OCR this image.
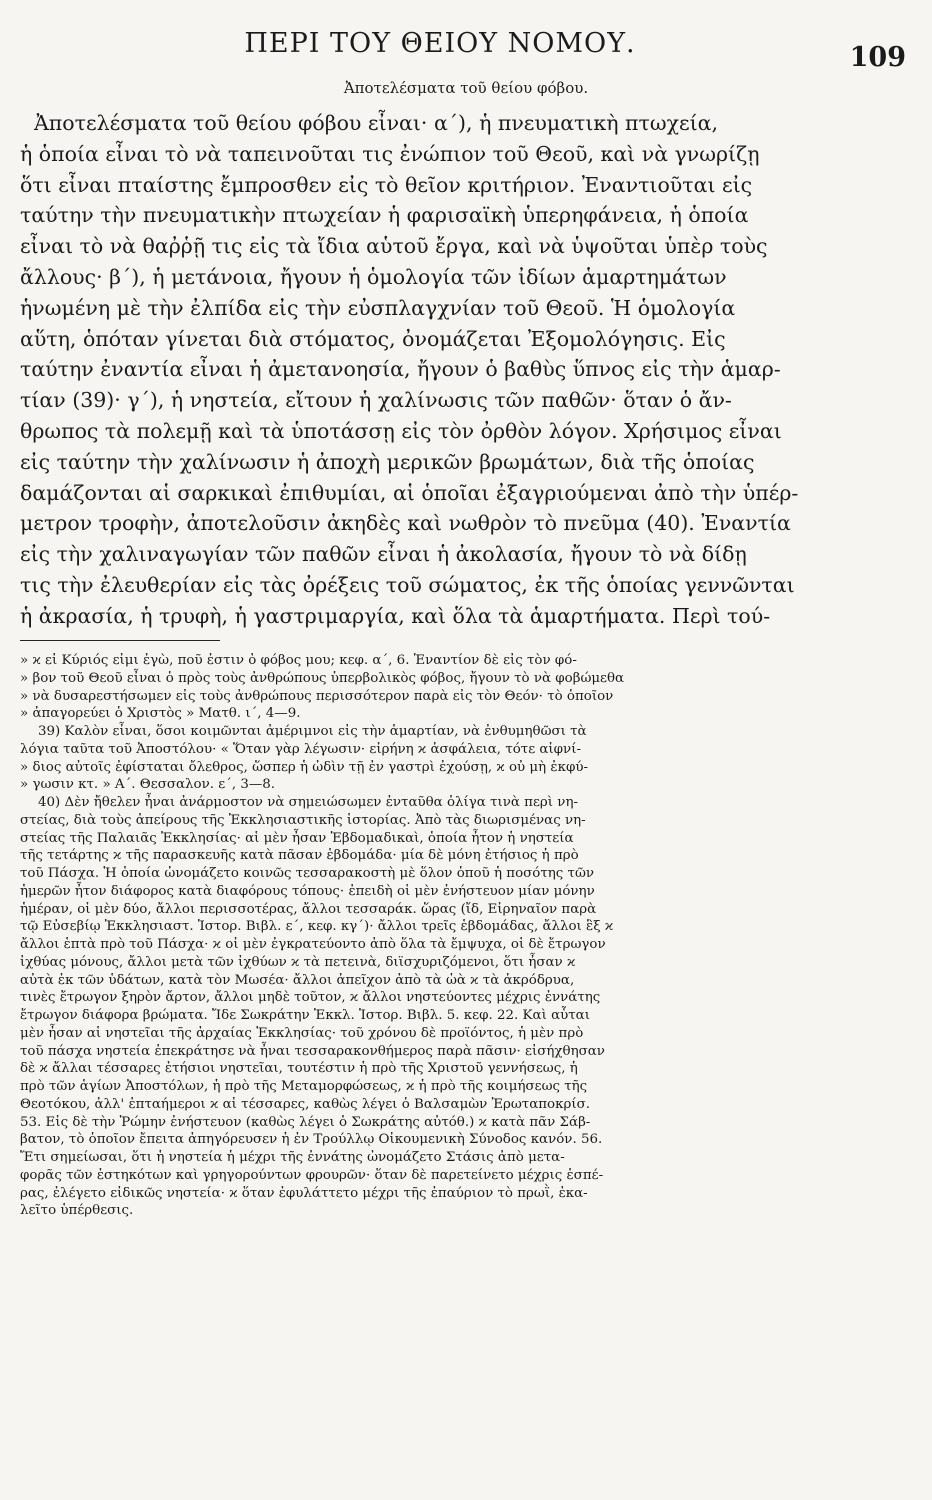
ΠΕΡΙ ΤΟΥ ΘΕΙΟΥ ΝΟΜΟΥ.	109
Ἀποτελέσματα τοῦ θείου φόβου.
Ἀποτελέσματα τοῦ θείου φόβου εἶναι· α΄), ἡ πνευματικὴ πτωχεία,
ἡ ὁποία εἶναι τὸ νὰ ταπεινοῦται τις ἐνώπιον τοῦ Θεοῦ, καὶ νὰ γνωρίζῃ
ὅτι εἶναι πταίστης ἔμπροσθεν εἰς τὸ θεῖον κριτήριον. Ἐναντιοῦται εἰς
ταύτην τὴν πνευματικὴν πτωχείαν ἡ φαρισαϊκὴ ὑπερηφάνεια, ἡ ὁποία
εἶναι τὸ νὰ θαῤῥῇ τις εἰς τὰ ἴδια αὑτοῦ ἔργα, καὶ νὰ ὑψοῦται ὑπὲρ τοὺς
ἄλλους· β΄), ἡ μετάνοια, ἤγουν ἡ ὁμολογία τῶν ἰδίων ἁμαρτημάτων
ἡνωμένη μὲ τὴν ἐλπίδα εἰς τὴν εὐσπλαγχνίαν τοῦ Θεοῦ. Ἡ ὁμολογία
αὕτη, ὁπόταν γίνεται διὰ στόματος, ὀνομάζεται Ἐξομολόγησις. Εἰς
ταύτην ἐναντία εἶναι ἡ ἀμετανοησία, ἤγουν ὁ βαθὺς ὕπνος εἰς τὴν ἁμαρ-
τίαν (39)· γ΄), ἡ νηστεία, εἴτουν ἡ χαλίνωσις τῶν παθῶν· ὅταν ὁ ἄν-
θρωπος τὰ πολεμῇ καὶ τὰ ὑποτάσσῃ εἰς τὸν ὀρθὸν λόγον. Χρήσιμος εἶναι
εἰς ταύτην τὴν χαλίνωσιν ἡ ἀποχὴ μερικῶν βρωμάτων, διὰ τῆς ὁποίας
δαμάζονται αἱ σαρκικαὶ ἐπιθυμίαι, αἱ ὁποῖαι ἐξαγριούμεναι ἀπὸ τὴν ὑπέρ-
μετρον τροφὴν, ἀποτελοῦσιν ἀκηδὲς καὶ νωθρὸν τὸ πνεῦμα (40). Ἐναντία
εἰς τὴν χαλιναγωγίαν τῶν παθῶν εἶναι ἡ ἀκολασία, ἤγουν τὸ νὰ δίδῃ
τις τὴν ἐλευθερίαν εἰς τὰς ὀρέξεις τοῦ σώματος, ἐκ τῆς ὁποίας γεννῶνται
ἡ ἀκρασία, ἡ τρυφὴ, ἡ γαστριμαργία, καὶ ὅλα τὰ ἁμαρτήματα. Περὶ τού-
» ϰ εἰ Κύριός εἰμι ἐγὼ, ποῦ ἐστιν ὁ φόβος μου; κεφ. α΄, 6. Ἐναντίον δὲ εἰς τὸν φό-
» βον τοῦ Θεοῦ εἶναι ὁ πρὸς τοὺς ἀνθρώπους ὑπερβολικὸς φόβος, ἤγουν τὸ νὰ φοβώμεθα
» νὰ δυσαρεστήσωμεν εἰς τοὺς ἀνθρώπους περισσότερον παρὰ εἰς τὸν Θεόν· τὸ ὁποῖον
» ἀπαγορεύει ὁ Χριστὸς » Ματθ. ι΄, 4—9.
39) Καλὸν εἶναι, ὅσοι κοιμῶνται ἀμέριμνοι εἰς τὴν ἁμαρτίαν, νὰ ἐνθυμηθῶσι τὰ
λόγια ταῦτα τοῦ Ἀποστόλου· « Ὅταν γὰρ λέγωσιν· εἰρήνη ϰ ἀσφάλεια, τότε αἰφνί-
» διος αὐτοῖς ἐφίσταται ὄλεθρος, ὥσπερ ἡ ὠδὶν τῇ ἐν γαστρὶ ἐχούσῃ, ϰ οὐ μὴ ἐκφύ-
» γωσιν κτ. » Α΄. Θεσσαλον. ε΄, 3—8.
40) Δὲν ἤθελεν ἦναι ἀνάρμοστον νὰ σημειώσωμεν ἐνταῦθα ὀλίγα τινὰ περὶ νη-
στείας, διὰ τοὺς ἀπείρους τῆς Ἐκκλησιαστικῆς ἱστορίας. Ἀπὸ τὰς διωρισμένας νη-
στείας τῆς Παλαιᾶς Ἐκκλησίας· αἱ μὲν ἦσαν Ἑβδομαδικαὶ, ὁποία ἦτον ἡ νηστεία
τῆς τετάρτης ϰ τῆς παρασκευῆς κατὰ πᾶσαν ἑβδομάδα· μία δὲ μόνη ἐτήσιος ἡ πρὸ
τοῦ Πάσχα. Ἡ ὁποία ὠνομάζετο κοινῶς τεσσαρακοστὴ μὲ ὅλον ὁποῦ ἡ ποσότης τῶν
ἡμερῶν ἦτον διάφορος κατὰ διαφόρους τόπους· ἐπειδὴ οἱ μὲν ἐνήστευον μίαν μόνην
ἡμέραν, οἱ μὲν δύο, ἄλλοι περισσοτέρας, ἄλλοι τεσσαράκ. ὥρας (ἴδ, Εἰρηναῖον παρὰ
τῷ Εὐσεβίῳ Ἐκκλησιαστ. Ἱστορ. Βιβλ. ε΄, κεφ. κγ΄)· ἄλλοι τρεῖς ἑβδομάδας, ἄλλοι ἓξ ϰ
ἄλλοι ἑπτὰ πρὸ τοῦ Πάσχα· ϰ οἱ μὲν ἐγκρατεύοντο ἀπὸ ὅλα τὰ ἔμψυχα, οἱ δὲ ἔτρωγον
ἰχθύας μόνους, ἄλλοι μετὰ τῶν ἰχθύων ϰ τὰ πετεινὰ, διϊσχυριζόμενοι, ὅτι ἦσαν ϰ
αὐτὰ ἐκ τῶν ὑδάτων, κατὰ τὸν Μωσέα· ἄλλοι ἀπεῖχον ἀπὸ τὰ ὠὰ ϰ τὰ ἀκρόδρυα,
τινὲς ἔτρωγον ξηρὸν ἄρτον, ἄλλοι μηδὲ τοῦτον, ϰ ἄλλοι νηστεύοντες μέχρις ἐννάτης
ἔτρωγον διάφορα βρώματα. Ἴδε Σωκράτην Ἐκκλ. Ἱστορ. Βιβλ. 5. κεφ. 22. Καὶ αὗται
μὲν ἦσαν αἱ νηστεῖαι τῆς ἀρχαίας Ἐκκλησίας· τοῦ χρόνου δὲ προϊόντος, ἡ μὲν πρὸ
τοῦ πάσχα νηστεία ἐπεκράτησε νὰ ἦναι τεσσαρακονθήμερος παρὰ πᾶσιν· εἰσήχθησαν
δὲ ϰ ἄλλαι τέσσαρες ἐτήσιοι νηστεῖαι, τουτέστιν ἡ πρὸ τῆς Χριστοῦ γεννήσεως, ἡ
πρὸ τῶν ἁγίων Ἀποστόλων, ἡ πρὸ τῆς Μεταμορφώσεως, ϰ ἡ πρὸ τῆς κοιμήσεως τῆς
Θεοτόκου, ἀλλ' ἐπταήμεροι ϰ αἱ τέσσαρες, καθὼς λέγει ὁ Βαλσαμὼν Ἐρωταποκρίσ.
53. Εἰς δὲ τὴν Ῥώμην ἐνήστευον (καθὼς λέγει ὁ Σωκράτης αὐτόθ.) ϰ κατὰ πᾶν Σάβ-
βατον, τὸ ὁποῖον ἔπειτα ἀπηγόρευσεν ἡ ἐν Τρούλλῳ Οἰκουμενικὴ Σύνοδος κανόν. 56.
Ἔτι σημείωσαι, ὅτι ἡ νηστεία ἡ μέχρι τῆς ἐννάτης ὠνομάζετο Στάσις ἀπὸ μετα-
φορᾶς τῶν ἑστηκότων καὶ γρηγορούντων φρουρῶν· ὅταν δὲ παρετείνετο μέχρις ἑσπέ-
ρας, ἐλέγετο εἰδικῶς νηστεία· ϰ ὅταν ἐφυλάττετο μέχρι τῆς ἐπαύριον τὸ πρωῒ, ἐκα-
λεῖτο ὑπέρθεσις.
